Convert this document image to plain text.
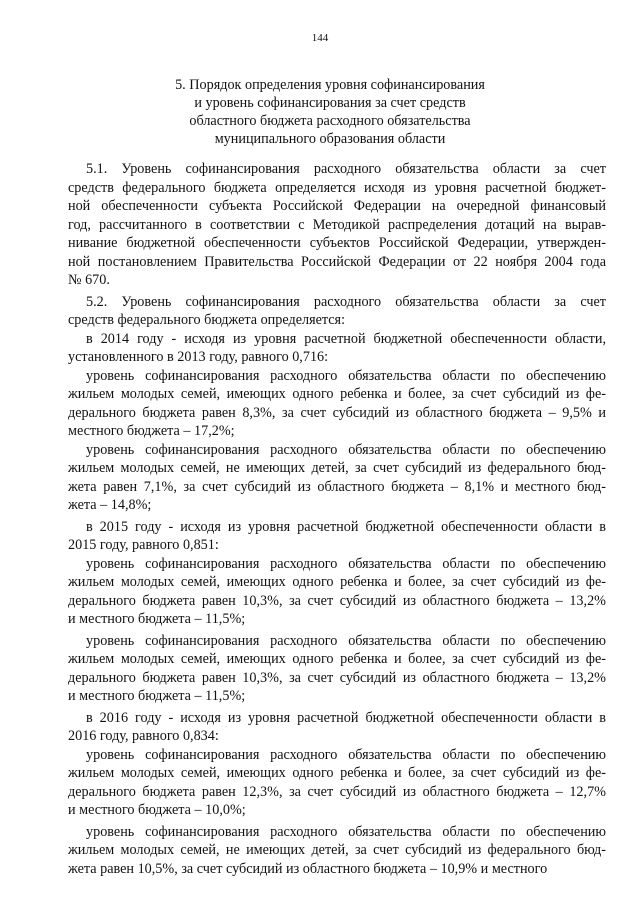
144
5. Порядок определения уровня софинансирования
и уровень софинансирования за счет средств
областного бюджета расходного обязательства
муниципального образования области
5.1. Уровень софинансирования расходного обязательства области за счет
средств федерального бюджета определяется исходя из уровня расчетной бюджет-
ной обеспеченности субъекта Российской Федерации на очередной финансовый
год, рассчитанного в соответствии с Методикой распределения дотаций на вырав-
нивание бюджетной обеспеченности субъектов Российской Федерации, утвержден-
ной постановлением Правительства Российской Федерации от 22 ноября 2004 года
№ 670.
5.2. Уровень софинансирования расходного обязательства области за счет
средств федерального бюджета определяется:
в 2014 году - исходя из уровня расчетной бюджетной обеспеченности области,
установленного в 2013 году, равного 0,716:
уровень софинансирования расходного обязательства области по обеспечению
жильем молодых семей, имеющих одного ребенка и более, за счет субсидий из фе-
дерального бюджета равен 8,3%, за счет субсидий из областного бюджета – 9,5% и
местного бюджета – 17,2%;
уровень софинансирования расходного обязательства области по обеспечению
жильем молодых семей, не имеющих детей, за счет субсидий из федерального бюд-
жета равен 7,1%, за счет субсидий из областного бюджета – 8,1% и местного бюд-
жета – 14,8%;
в 2015 году - исходя из уровня расчетной бюджетной обеспеченности области в
2015 году, равного 0,851:
уровень софинансирования расходного обязательства области по обеспечению
жильем молодых семей, имеющих одного ребенка и более, за счет субсидий из фе-
дерального бюджета равен 10,3%, за счет субсидий из областного бюджета – 13,2%
и местного бюджета – 11,5%;
уровень софинансирования расходного обязательства области по обеспечению
жильем молодых семей, имеющих одного ребенка и более, за счет субсидий из фе-
дерального бюджета равен 10,3%, за счет субсидий из областного бюджета – 13,2%
и местного бюджета – 11,5%;
в 2016 году - исходя из уровня расчетной бюджетной обеспеченности области в
2016 году, равного 0,834:
уровень софинансирования расходного обязательства области по обеспечению
жильем молодых семей, имеющих одного ребенка и более, за счет субсидий из фе-
дерального бюджета равен 12,3%, за счет субсидий из областного бюджета – 12,7%
и местного бюджета – 10,0%;
уровень софинансирования расходного обязательства области по обеспечению
жильем молодых семей, не имеющих детей, за счет субсидий из федерального бюд-
жета равен 10,5%, за счет субсидий из областного бюджета – 10,9% и местного
